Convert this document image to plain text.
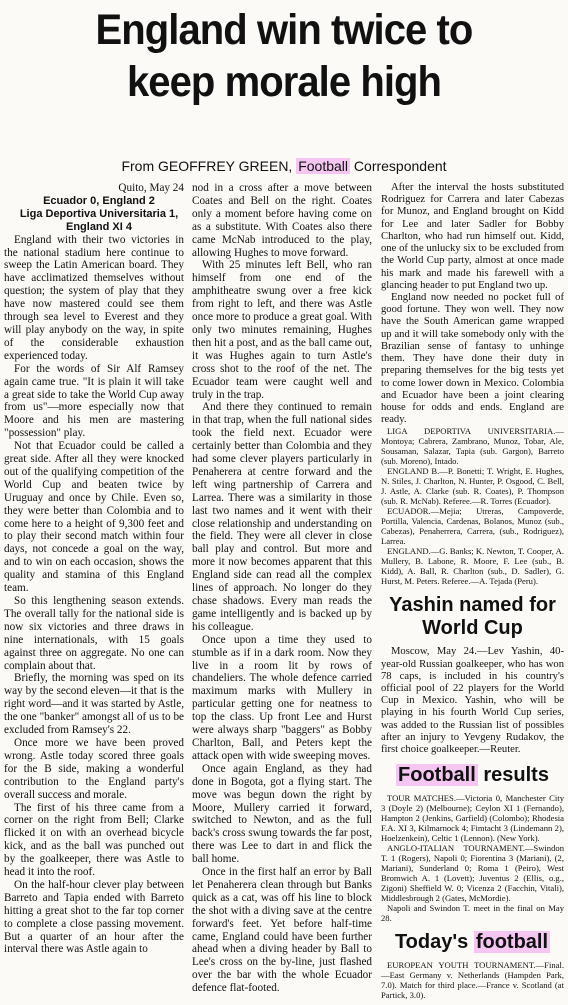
England win twice to
keep morale high
From GEOFFREY GREEN, Football Correspondent

Quito, May 24

Ecuador 0, England 2

Liga Deportiva Universitaria 1,

England XI 4

England with their two victories in the national stadium here continue to sweep the Latin American board. They have acclimatized themselves without question; the system of play that they have now mastered could see them through sea level to Everest and they will play anybody on the way, in spite of the considerable exhaustion experienced today.

For the words of Sir Alf Ramsey again came true. "It is plain it will take a great side to take the World Cup away from us"—more especially now that Moore and his men are mastering "possession" play.

Not that Ecuador could be called a great side. After all they were knocked out of the qualifying competition of the World Cup and beaten twice by Uruguay and once by Chile. Even so, they were better than Colombia and to come here to a height of 9,300 feet and to play their second match within four days, not concede a goal on the way, and to win on each occasion, shows the quality and stamina of this England team.

So this lengthening season extends. The overall tally for the national side is now six victories and three draws in nine internationals, with 15 goals against three on aggregate. No one can complain about that.

Briefly, the morning was sped on its way by the second eleven—it that is the right word—and it was started by Astle, the one "banker" amongst all of us to be excluded from Ramsey's 22.

Once more we have been proved wrong. Astle today scored three goals for the B side, making a wonderful contribution to the England party's overall success and morale.

The first of his three came from a corner on the right from Bell; Clarke flicked it on with an overhead bicycle kick, and as the ball was punched out by the goalkeeper, there was Astle to head it into the roof.

On the half-hour clever play between Barreto and Tapia ended with Barreto hitting a great shot to the far top corner to complete a close passing movement. But a quarter of an hour after the interval there was Astle again to

nod in a cross after a move between Coates and Bell on the right. Coates only a moment before having come on as a substitute. With Coates also there came McNab introduced to the play, allowing Hughes to move forward.

With 25 minutes left Bell, who ran himself from one end of the amphitheatre swung over a free kick from right to left, and there was Astle once more to produce a great goal. With only two minutes remaining, Hughes then hit a post, and as the ball came out, it was Hughes again to turn Astle's cross shot to the roof of the net. The Ecuador team were caught well and truly in the trap.

And there they continued to remain in that trap, when the full national sides took the field next. Ecuador were certainly better than Colombia and they had some clever players particularly in Penaherera at centre forward and the left wing partnership of Carrera and Larrea. There was a similarity in those last two names and it went with their close relationship and understanding on the field. They were all clever in close ball play and control. But more and more it now becomes apparent that this England side can read all the complex lines of approach. No longer do they chase shadows. Every man reads the game intelligently and is backed up by his colleague.

Once upon a time they used to stumble as if in a dark room. Now they live in a room lit by rows of chandeliers. The whole defence carried maximum marks with Mullery in particular getting one for neatness to top the class. Up front Lee and Hurst were always sharp "baggers" as Bobby Charlton, Ball, and Peters kept the attack open with wide sweeping moves.

Once again England, as they had done in Bogota, got a flying start. The move was begun down the right by Moore, Mullery carried it forward, switched to Newton, and as the full back's cross swung towards the far post, there was Lee to dart in and flick the ball home.

Once in the first half an error by Ball let Penaherera clean through but Banks quick as a cat, was off his line to block the shot with a diving save at the centre forward's feet. Yet before half-time came, England could have been further ahead when a diving header by Ball to Lee's cross on the by-line, just flashed over the bar with the whole Ecuador defence flat-footed.

After the interval the hosts substituted Rodriguez for Carrera and later Cabezas for Munoz, and England brought on Kidd for Lee and later Sadler for Bobby Charlton, who had run himself out. Kidd, one of the unlucky six to be excluded from the World Cup party, almost at once made his mark and made his farewell with a glancing header to put England two up.

England now needed no pocket full of good fortune. They won well. They now have the South American game wrapped up and it will take somebody only with the Brazilian sense of fantasy to unhinge them. They have done their duty in preparing themselves for the big tests yet to come lower down in Mexico. Colombia and Ecuador have been a joint clearing house for odds and ends. England are ready.

LIGA DEPORTIVA UNIVERSITARIA.—Montoya; Cabrera, Zambrano, Munoz, Tobar, Ale, Sousaman, Salazar, Tapia (sub. Gargon), Barreto (sub. Moreno), Intado.

ENGLAND B.—P. Bonetti; T. Wright, E. Hughes, N. Stiles, J. Charlton, N. Hunter, P. Osgood, C. Bell, J. Astle, A. Clarke (sub. R. Coates), P. Thompson (sub. R. McNab). Referee.—R. Torres (Ecuador).

ECUADOR.—Mejia; Utreras, Campoverde, Portilla, Valencia, Cardenas, Bolanos, Munoz (sub., Cabezas), Penaherrera, Carrera, (sub., Rodriguez), Larrea.

ENGLAND.—G. Banks; K. Newton, T. Cooper, A. Mullery, B. Labone, R. Moore, F. Lee (sub., B. Kidd), A. Ball, R. Charlton (sub., D. Sadler), G. Hurst, M. Peters. Referee.—A. Tejada (Peru).

Yashin named for
World Cup

Moscow, May 24.—Lev Yashin, 40-year-old Russian goalkeeper, who has won 78 caps, is included in his country's official pool of 22 players for the World Cup in Mexico. Yashin, who will be playing in his fourth World Cup series, was added to the Russian list of possibles after an injury to Yevgeny Rudakov, the first choice goalkeeper.—Reuter.

Football results

TOUR MATCHES.—Victoria 0, Manchester City 3 (Doyle 2) (Melbourne); Ceylon XI 1 (Fernando), Hampton 2 (Jenkins, Garfield) (Colombo); Rhodesia F.A. XI 3, Kilmarnock 4; Fimtacht 3 (Lindemann 2), Hoelzenkein), Celtic 1 (Lennon). (New York).

ANGLO-ITALIAN TOURNAMENT.—Swindon T. 1 (Rogers), Napoli 0; Fiorentina 3 (Mariani), (2, Mariani), Sunderland 0; Roma 1 (Peiro), West Bromwich A. 1 (Lovett); Juventus 2 (Ellis, o.g., Zigoni) Sheffield W. 0; Vicenza 2 (Facchin, Vitali), Middlesbrough 2 (Gates, McMordie).

Napoli and Swindon T. meet in the final on May 28.

Today's football

EUROPEAN YOUTH TOURNAMENT.—Final.—East Germany v. Netherlands (Hampden Park, 7.0). Match for third place.—France v. Scotland (at Partick, 3.0).
